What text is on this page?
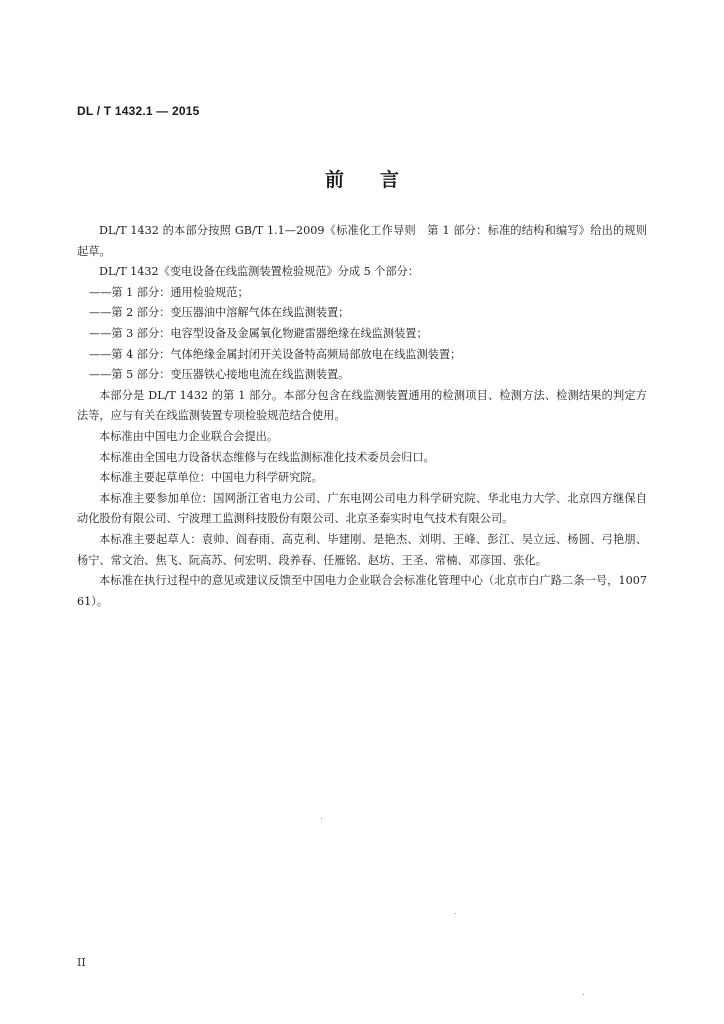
DL / T 1432.1 — 2015
前言

DL/T 1432 的本部分按照 GB/T 1.1—2009《标准化工作导则　第 1 部分：标准的结构和编写》给出的规则起草。

DL/T 1432《变电设备在线监测装置检验规范》分成 5 个部分：

——第 1 部分：通用检验规范；

——第 2 部分：变压器油中溶解气体在线监测装置；

——第 3 部分：电容型设备及金属氧化物避雷器绝缘在线监测装置；

——第 4 部分：气体绝缘金属封闭开关设备特高频局部放电在线监测装置；

——第 5 部分：变压器铁心接地电流在线监测装置。

本部分是 DL/T 1432 的第 1 部分。本部分包含在线监测装置通用的检测项目、检测方法、检测结果的判定方法等，应与有关在线监测装置专项检验规范结合使用。

本标准由中国电力企业联合会提出。

本标准由全国电力设备状态维修与在线监测标准化技术委员会归口。

本标准主要起草单位：中国电力科学研究院。

本标准主要参加单位：国网浙江省电力公司、广东电网公司电力科学研究院、华北电力大学、北京四方继保自动化股份有限公司、宁波理工监测科技股份有限公司、北京圣泰实时电气技术有限公司。

本标准主要起草人：袁帅、阎春雨、高克利、毕建刚、是艳杰、刘明、王峰、彭江、吴立远、杨圆、弓艳朋、杨宁、常文治、焦飞、阮高苏、何宏明、段养春、任雁铭、赵坊、王圣、常楠、邓彦国、张化。

本标准在执行过程中的意见或建议反馈至中国电力企业联合会标准化管理中心（北京市白广路二条一号，100761）。

II
